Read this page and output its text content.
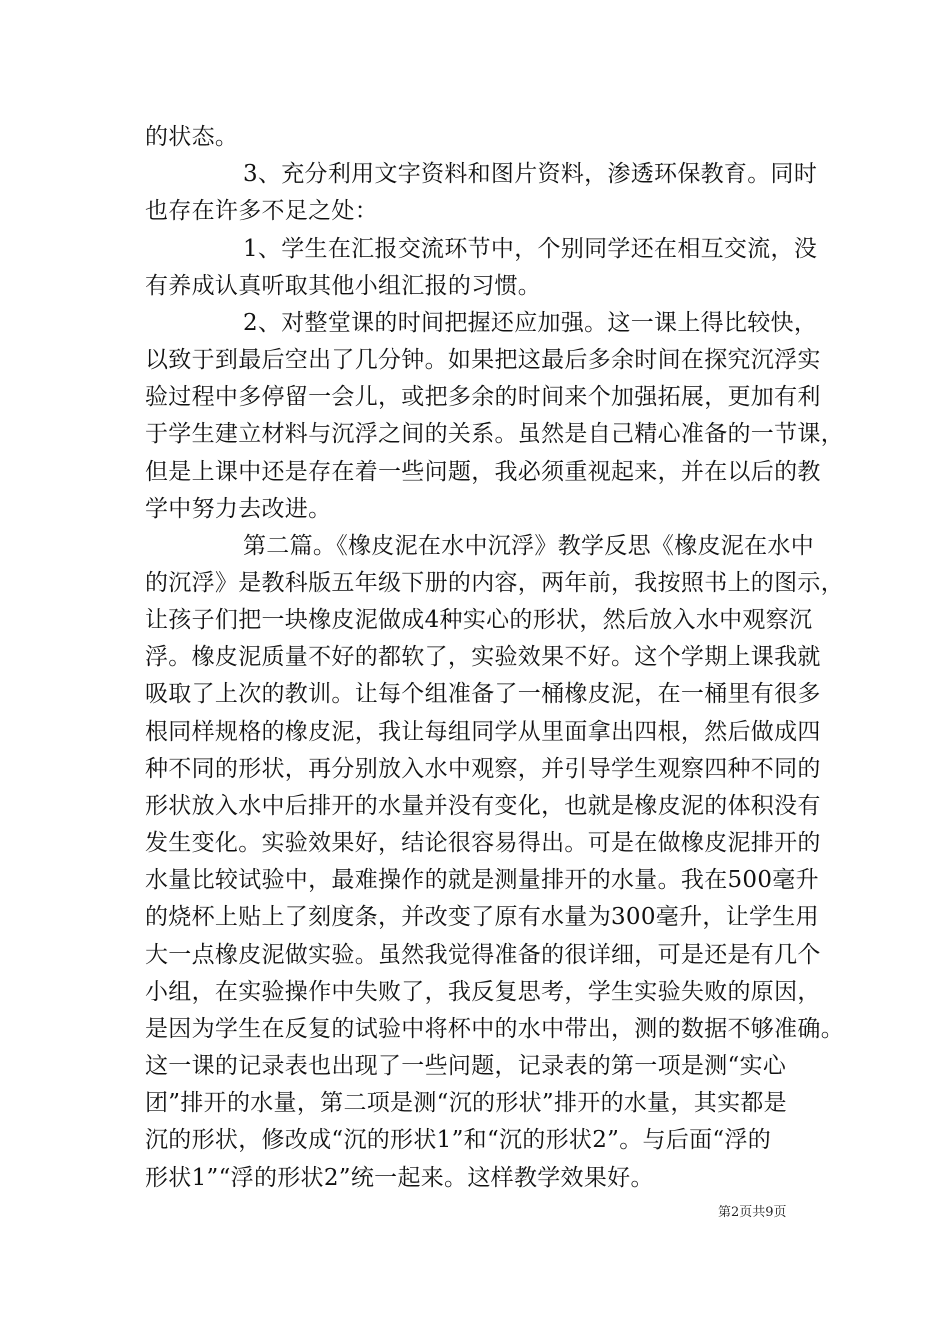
的状态。
3、充分利用文字资料和图片资料，渗透环保教育。同时
也存在许多不足之处：
1、学生在汇报交流环节中，个别同学还在相互交流，没
有养成认真听取其他小组汇报的习惯。
2、对整堂课的时间把握还应加强。这一课上得比较快，
以致于到最后空出了几分钟。如果把这最后多余时间在探究沉浮实
验过程中多停留一会儿，或把多余的时间来个加强拓展，更加有利
于学生建立材料与沉浮之间的关系。虽然是自己精心准备的一节课，
但是上课中还是存在着一些问题，我必须重视起来，并在以后的教
学中努力去改进。
第二篇。《橡皮泥在水中沉浮》教学反思《橡皮泥在水中
的沉浮》是教科版五年级下册的内容，两年前，我按照书上的图示，
让孩子们把一块橡皮泥做成4种实心的形状，然后放入水中观察沉
浮。橡皮泥质量不好的都软了，实验效果不好。这个学期上课我就
吸取了上次的教训。让每个组准备了一桶橡皮泥，在一桶里有很多
根同样规格的橡皮泥，我让每组同学从里面拿出四根，然后做成四
种不同的形状，再分别放入水中观察，并引导学生观察四种不同的
形状放入水中后排开的水量并没有变化，也就是橡皮泥的体积没有
发生变化。实验效果好，结论很容易得出。可是在做橡皮泥排开的
水量比较试验中，最难操作的就是测量排开的水量。我在500毫升
的烧杯上贴上了刻度条，并改变了原有水量为300毫升，让学生用
大一点橡皮泥做实验。虽然我觉得准备的很详细，可是还是有几个
小组，在实验操作中失败了，我反复思考，学生实验失败的原因，
是因为学生在反复的试验中将杯中的水中带出，测的数据不够准确。
这一课的记录表也出现了一些问题，记录表的第一项是测“实心
团”排开的水量，第二项是测“沉的形状”排开的水量，其实都是
沉的形状，修改成“沉的形状1”和“沉的形状2”。与后面“浮的
形状1”“浮的形状2”统一起来。这样教学效果好。
第2页共9页
